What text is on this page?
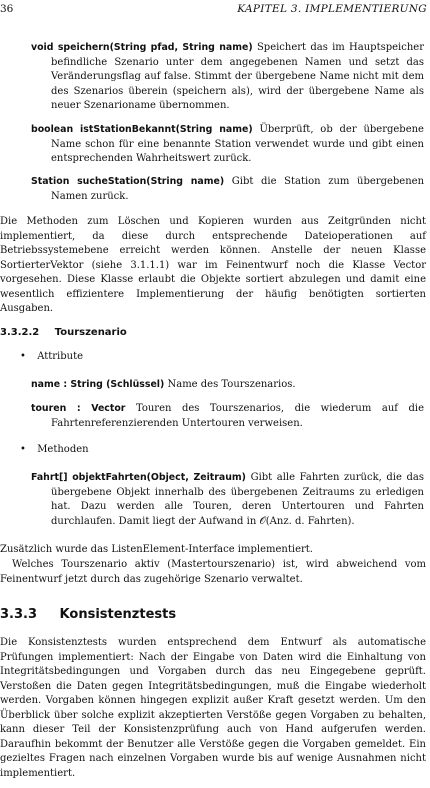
36	KAPITEL 3. IMPLEMENTIERUNG
void speichern(String pfad, String name) Speichert das im Hauptspeicher befindliche Szenario unter dem angegebenen Namen und setzt das Veränderungsflag auf false. Stimmt der übergebene Name nicht mit dem des Szenarios überein (speichern als), wird der übergebene Name als neuer Szenarioname übernommen.
boolean istStationBekannt(String name) Überprüft, ob der übergebene Name schon für eine benannte Station verwendet wurde und gibt einen entsprechenden Wahrheitswert zurück.
Station sucheStation(String name) Gibt die Station zum übergebenen Namen zurück.
Die Methoden zum Löschen und Kopieren wurden aus Zeitgründen nicht implementiert, da diese durch entsprechende Dateioperationen auf Betriebssystemebene erreicht werden können. Anstelle der neuen Klasse SortierterVektor (siehe 3.1.1.1) war im Feinentwurf noch die Klasse Vector vorgesehen. Diese Klasse erlaubt die Objekte sortiert abzulegen und damit eine wesentlich effizientere Implementierung der häufig benötigten sortierten Ausgaben.
3.3.2.2 Tourszenario
• Attribute
name : String (Schlüssel) Name des Tourszenarios.
touren : Vector Touren des Tourszenarios, die wiederum auf die Fahrtenreferenzierenden Untertouren verweisen.
• Methoden
Fahrt[] objektFahrten(Object, Zeitraum) Gibt alle Fahrten zurück, die das übergebene Objekt innerhalb des übergebenen Zeitraums zu erledigen hat. Dazu werden alle Touren, deren Untertouren und Fahrten durchlaufen. Damit liegt der Aufwand in 𝒪(Anz. d. Fahrten).
Zusätzlich wurde das ListenElement-Interface implementiert.
Welches Tourszenario aktiv (Mastertourszenario) ist, wird abweichend vom Feinentwurf jetzt durch das zugehörige Szenario verwaltet.
3.3.3 Konsistenztests
Die Konsistenztests wurden entsprechend dem Entwurf als automatische Prüfungen implementiert: Nach der Eingabe von Daten wird die Einhaltung von Integritätsbedingungen und Vorgaben durch das neu Eingegebene geprüft. Verstoßen die Daten gegen Integritätsbedingungen, muß die Eingabe wiederholt werden. Vorgaben können hingegen explizit außer Kraft gesetzt werden. Um den Überblick über solche explizit akzeptierten Verstöße gegen Vorgaben zu behalten, kann dieser Teil der Konsistenzprüfung auch von Hand aufgerufen werden. Daraufhin bekommt der Benutzer alle Verstöße gegen die Vorgaben gemeldet. Ein gezieltes Fragen nach einzelnen Vorgaben wurde bis auf wenige Ausnahmen nicht implementiert.
